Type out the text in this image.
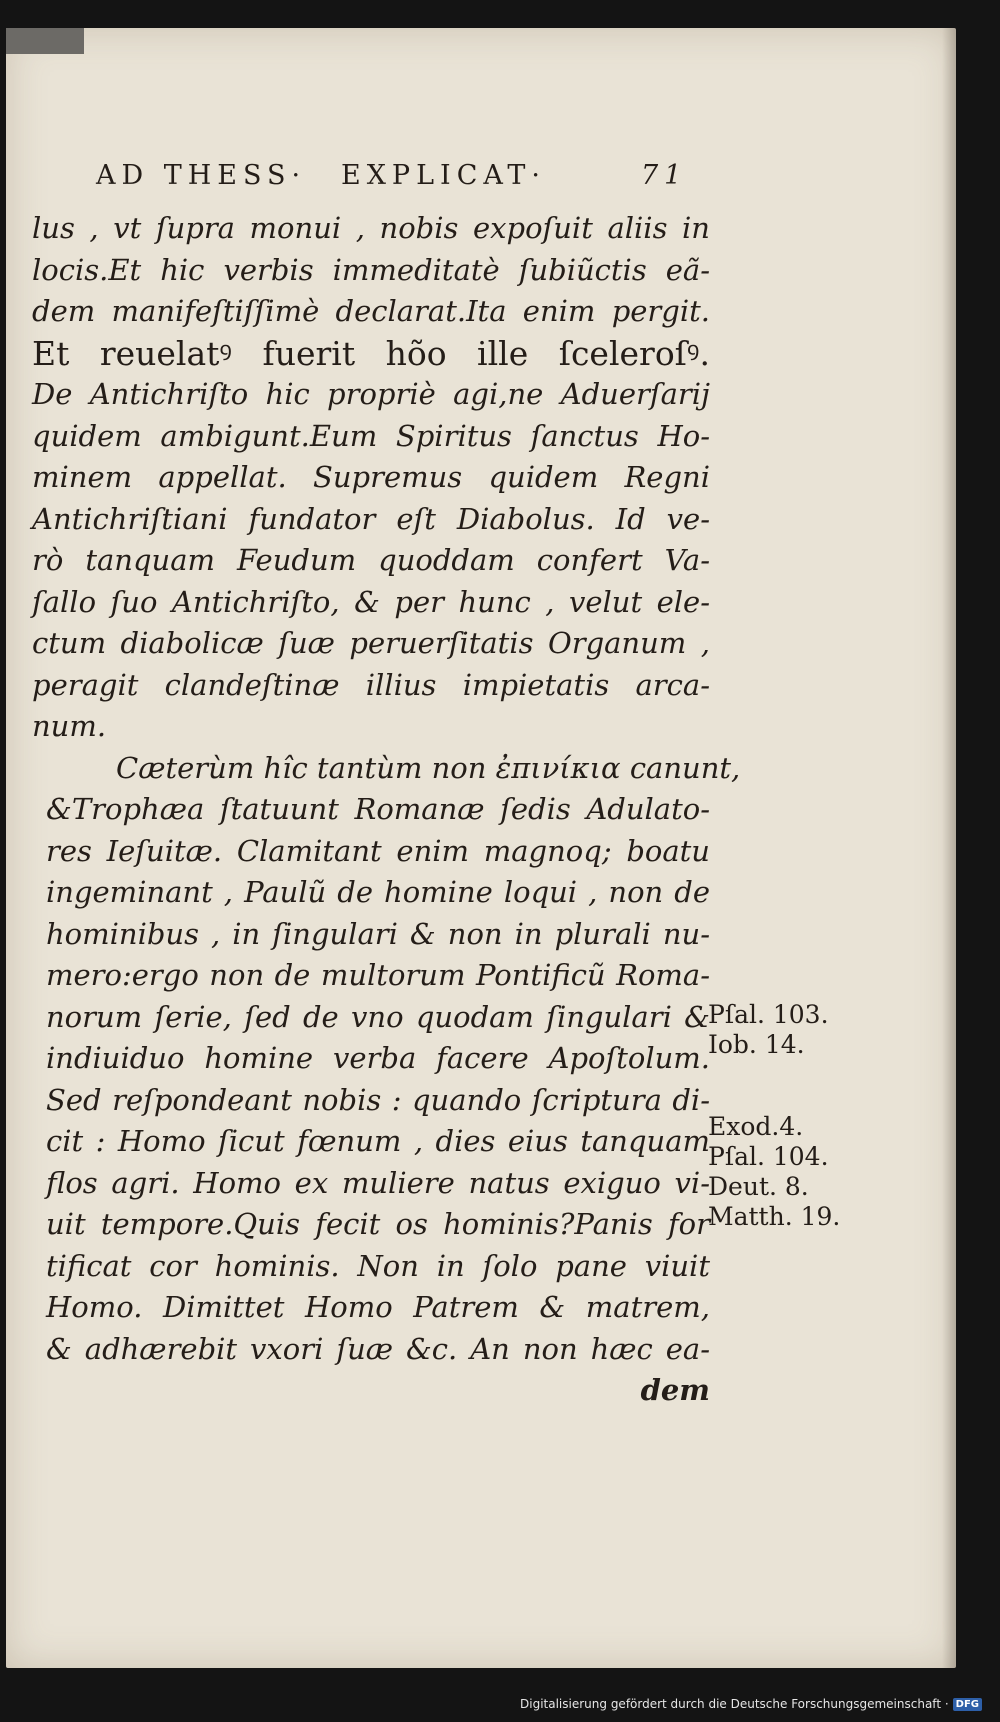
AD THESS· EXPLICAT·	71
lus , vt ſupra monui , nobis expoſuit aliis in
locis.Et hic verbis immeditatè ſubiũctis eã-
dem manifeſtiſſimè declarat.Ita enim pergit.
Et reuelatꝰ fuerit hõo ille ſceleroſꝰ.
De Antichriſto hic propriè agi,ne Aduerſarij
quidem ambigunt.Eum Spiritus ſanctus Ho-
minem appellat. Supremus quidem Regni
Antichriſtiani fundator eſt Diabolus. Id ve-
rò tanquam Feudum quoddam confert Va-
ſallo ſuo Antichriſto, & per hunc , velut ele-
ctum diabolicæ ſuæ peruerſitatis Organum ,
peragit clandeſtinæ illius impietatis arca-
num.
Cæterùm hîc tantùm non ἐπινίκια canunt,
&Trophæa ſtatuunt Romanæ ſedis Adulato-
res Ieſuitæ. Clamitant enim magnoq; boatu
ingeminant , Paulũ de homine loqui , non de
hominibus , in ſingulari & non in plurali nu-
mero:ergo non de multorum Pontificũ Roma-
norum ſerie, ſed de vno quodam ſingulari &
indiuiduo homine verba facere Apoſtolum.
Sed reſpondeant nobis : quando ſcriptura di-
cit : Homo ſicut fœnum , dies eius tanquam
flos agri. Homo ex muliere natus exiguo vi-
uit tempore.Quis fecit os hominis?Panis for
tificat cor hominis. Non in ſolo pane viuit
Homo. Dimittet Homo Patrem & matrem,
& adhærebit vxori ſuæ &c. An non hæc ea-
dem
Pſal. 103.
Iob. 14.
Exod.4.
Pſal. 104.
Deut. 8.
Matth. 19.
Digitalisierung gefördert durch die Deutsche Forschungsgemeinschaft · DFG
